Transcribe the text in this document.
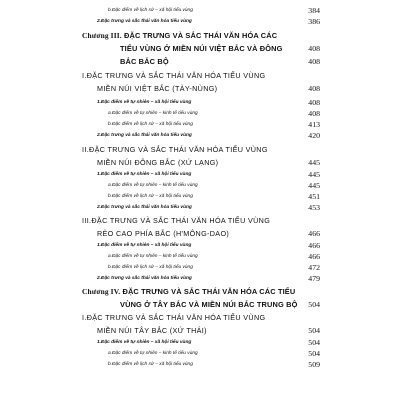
b.Đặc điểm về lịch sử – xã hội tiểu vùng	384
2.Đặc trưng và sắc thái văn hóa tiểu vùng	386
Chương III. ĐẶC TRƯNG VÀ SẮC THÁI VĂN HÓA CÁC
TIỂU VÙNG Ở MIỀN NÚI VIỆT BẮC VÀ ĐÔNG	408
BẮC BẮC BỘ	408
I.ĐẶC TRƯNG VÀ SẮC THÁI VĂN HÓA TIỂU VÙNG
MIỀN NÚI VIỆT BẮC (TÀY-NÙNG)	408
1.Đặc điểm về tự nhiên – xã hội tiểu vùng	408
a.Đặc điểm về tự nhiên – kinh tế tiểu vùng	408
b.Đặc điểm về lịch sử – xã hội tiểu vùng	413
2.Đặc trưng và sắc thái văn hóa tiểu vùng	420
II.ĐẶC TRƯNG VÀ SẮC THÁI VĂN HÓA TIỂU VÙNG
MIỀN NÚI ĐÔNG BẮC (XỨ LẠNG)	445
1.Đặc điểm về tự nhiên – xã hội tiểu vùng	445
a.Đặc điểm về tự nhiên – kinh tế tiểu vùng	445
b.Đặc điểm về lịch sử – xã hội tiểu vùng	451
2.Đặc trưng và sắc thái văn hóa tiểu vùng	453
III.ĐẶC TRƯNG VÀ SẮC THÁI VĂN HÓA TIỂU VÙNG
RẺO CAO PHÍA BẮC (H'MÔNG-DAO)	466
1.Đặc điểm về tự nhiên – xã hội tiểu vùng	466
a.Đặc điểm về tự nhiên – kinh tế tiểu vùng	466
b.Đặc điểm về lịch sử – xã hội tiểu vùng	472
2.Đặc trưng và sắc thái văn hóa tiểu vùng	479
Chương IV. ĐẶC TRƯNG VÀ SẮC THÁI VĂN HÓA CÁC TIỂU
VÙNG Ở TÂY BẮC VÀ MIỀN NÚI BẮC TRUNG BỘ 504
I.ĐẶC TRƯNG VÀ SẮC THÁI VĂN HÓA TIỂU VÙNG
MIỀN NÚI TÂY BẮC (XỨ THÁI)	504
1.Đặc điểm về tự nhiên – xã hội tiểu vùng	504
a.Đặc điểm về tự nhiên – kinh tế tiểu vùng	504
b.Đặc điểm về lịch sử – xã hội tiểu vùng	509
